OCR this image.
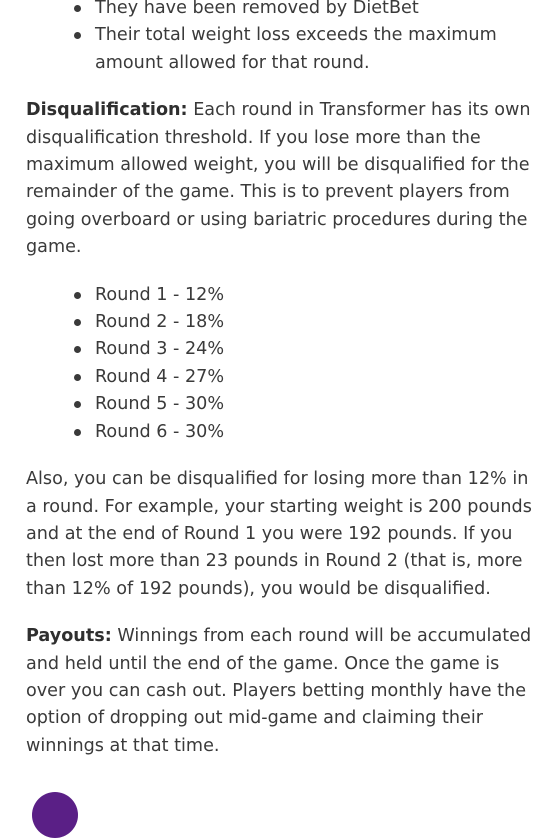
They have been removed by DietBet
Their total weight loss exceeds the maximum amount allowed for that round.

Disqualification: Each round in Transformer has its own disqualification threshold. If you lose more than the maximum allowed weight, you will be disqualified for the remainder of the game. This is to prevent players from going overboard or using bariatric procedures during the game.

Round 1 - 12%
Round 2 - 18%
Round 3 - 24%
Round 4 - 27%
Round 5 - 30%
Round 6 - 30%

Also, you can be disqualified for losing more than 12% in a round. For example, your starting weight is 200 pounds and at the end of Round 1 you were 192 pounds. If you then lost more than 23 pounds in Round 2 (that is, more than 12% of 192 pounds), you would be disqualified.

Payouts: Winnings from each round will be accumulated and held until the end of the game. Once the game is over you can cash out. Players betting monthly have the option of dropping out mid-game and claiming their winnings at that time.
